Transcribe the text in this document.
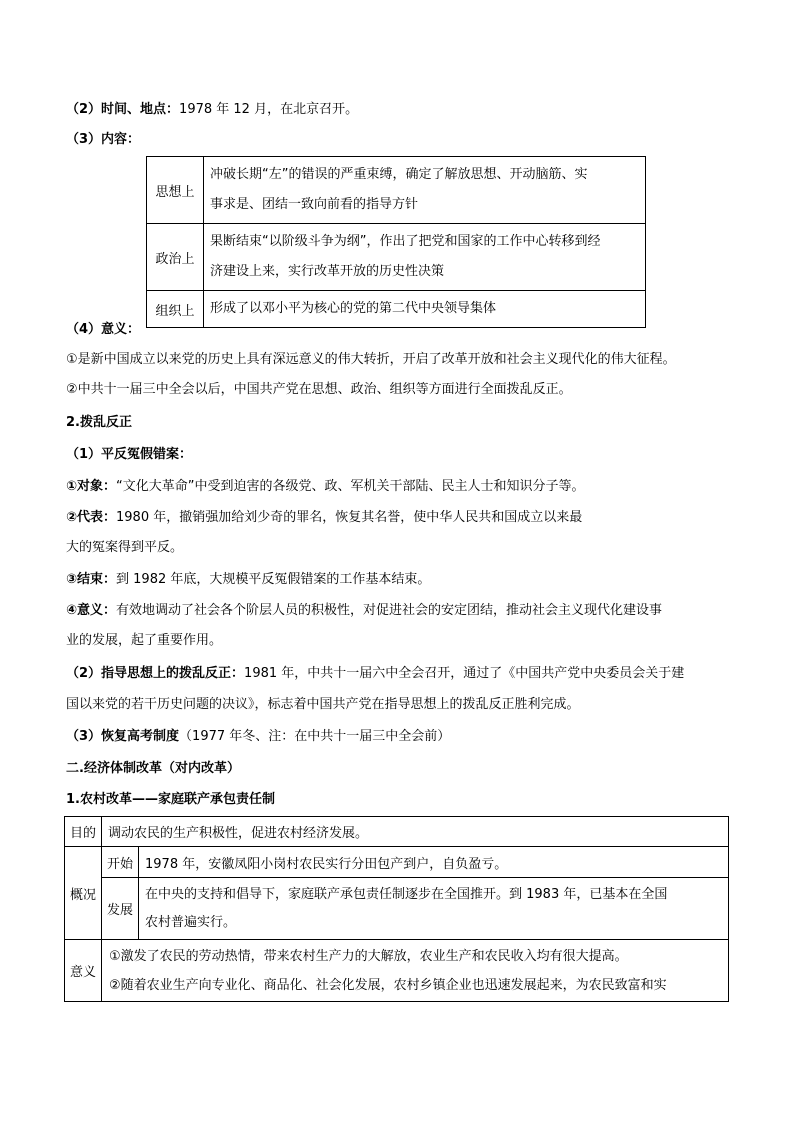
（2）时间、地点：1978 年 12 月，在北京召开。
（3）内容：
思想上	冲破长期“左”的错误的严重束缚，确定了解放思想、开动脑筋、实
事求是、团结一致向前看的指导方针

政治上	果断结束“以阶级斗争为纲”，作出了把党和国家的工作中心转移到经
济建设上来，实行改革开放的历史性决策

组织上	形成了以邓小平为核心的党的第二代中央领导集体
（4）意义：
①是新中国成立以来党的历史上具有深远意义的伟大转折，开启了改革开放和社会主义现代化的伟大征程。
②中共十一届三中全会以后，中国共产党在思想、政治、组织等方面进行全面拨乱反正。
2.拨乱反正
（1）平反冤假错案：
①对象：“文化大革命”中受到迫害的各级党、政、军机关干部陆、民主人士和知识分子等。
②代表：1980 年，撤销强加给刘少奇的罪名，恢复其名誉，使中华人民共和国成立以来最
大的冤案得到平反。
③结束：到 1982 年底，大规模平反冤假错案的工作基本结束。
④意义：有效地调动了社会各个阶层人员的积极性，对促进社会的安定团结，推动社会主义现代化建设事
业的发展，起了重要作用。
（2）指导思想上的拨乱反正：1981 年，中共十一届六中全会召开，通过了《中国共产党中央委员会关于建
国以来党的若干历史问题的决议》，标志着中国共产党在指导思想上的拨乱反正胜利完成。
（3）恢复高考制度（1977 年冬、注：在中共十一届三中全会前）
二.经济体制改革（对内改革）
1.农村改革——家庭联产承包责任制
目的	调动农民的生产积极性，促进农村经济发展。	
概况	开始	1978 年，安徽凤阳小岗村农民实行分田包产到户，自负盈亏。
	发展	在中央的支持和倡导下，家庭联产承包责任制逐步在全国推开。到 1983 年，已基本在全国
农村普遍实行。

意义	①激发了农民的劳动热情，带来农村生产力的大解放，农业生产和农民收入均有很大提高。
②随着农业生产向专业化、商品化、社会化发展，农村乡镇企业也迅速发展起来，为农民致富和实	
